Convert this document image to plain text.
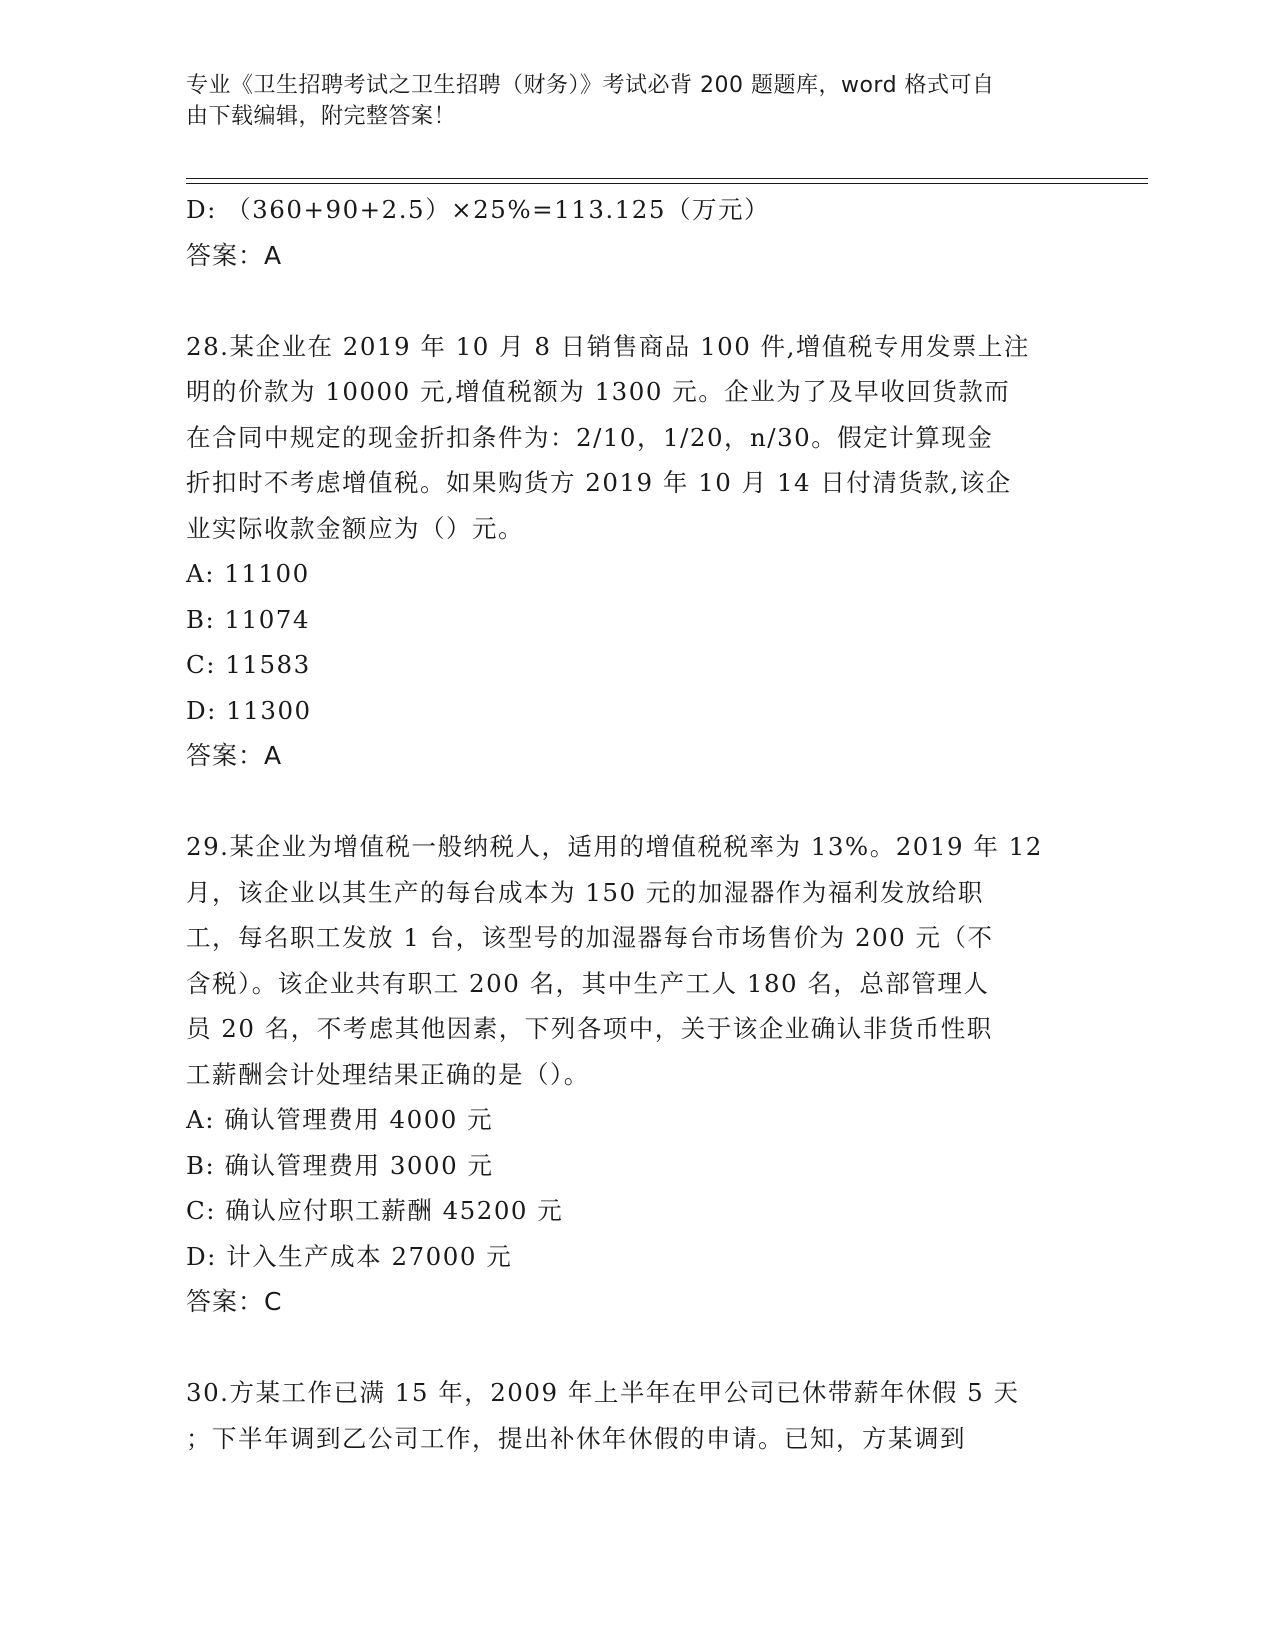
专业《卫生招聘考试之卫生招聘（财务）》考试必背 200 题题库，word 格式可自
由下载编辑，附完整答案！
D: （360+90+2.5）×25%=113.125（万元）
答案：A
28.某企业在 2019 年 10 月 8 日销售商品 100 件,增值税专用发票上注
明的价款为 10000 元,增值税额为 1300 元。企业为了及早收回货款而
在合同中规定的现金折扣条件为：2/10，1/20，n/30。假定计算现金
折扣时不考虑增值税。如果购货方 2019 年 10 月 14 日付清货款,该企
业实际收款金额应为（）元。
A: 11100
B: 11074
C: 11583
D: 11300
答案：A
29.某企业为增值税一般纳税人，适用的增值税税率为 13%。2019 年 12
月，该企业以其生产的每台成本为 150 元的加湿器作为福利发放给职
工，每名职工发放 1 台，该型号的加湿器每台市场售价为 200 元（不
含税）。该企业共有职工 200 名，其中生产工人 180 名，总部管理人
员 20 名，不考虑其他因素，下列各项中，关于该企业确认非货币性职
工薪酬会计处理结果正确的是（）。
A: 确认管理费用 4000 元
B: 确认管理费用 3000 元
C: 确认应付职工薪酬 45200 元
D: 计入生产成本 27000 元
答案：C
30.方某工作已满 15 年，2009 年上半年在甲公司已休带薪年休假 5 天
；下半年调到乙公司工作，提出补休年休假的申请。已知，方某调到
